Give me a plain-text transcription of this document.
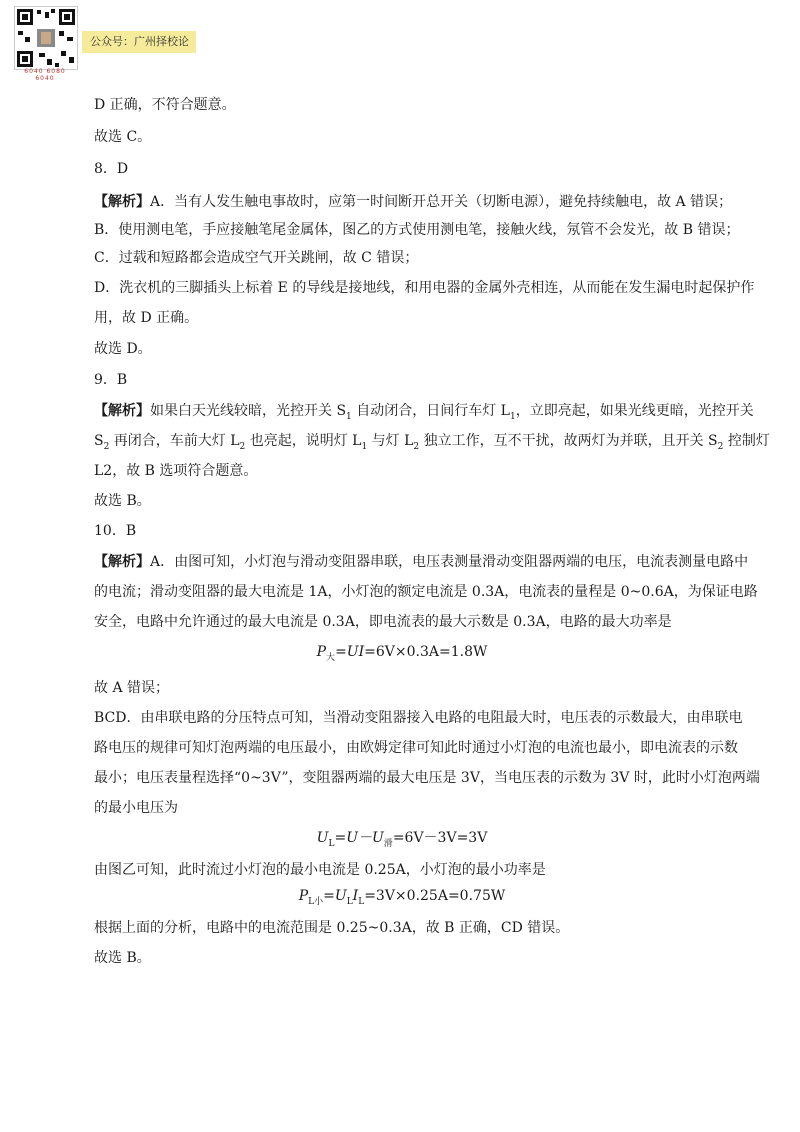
6040 6080 6040
公众号：广州择校论

D 正确，不符合题意。

故选 C。

8．D

【解析】A．当有人发生触电事故时，应第一时间断开总开关（切断电源），避免持续触电，故 A 错误；

B．使用测电笔，手应接触笔尾金属体，图乙的方式使用测电笔，接触火线，氖管不会发光，故 B 错误；

C．过载和短路都会造成空气开关跳闸，故 C 错误；

D．洗衣机的三脚插头上标着 E 的导线是接地线，和用电器的金属外壳相连，从而能在发生漏电时起保护作

用，故 D 正确。

故选 D。

9．B

【解析】如果白天光线较暗，光控开关 $S_1$ 自动闭合，日间行车灯 $L_1$，立即亮起，如果光线更暗，光控开关

$S_2$ 再闭合，车前大灯 $L_2$ 也亮起，说明灯 $L_1$ 与灯 $L_2$ 独立工作，互不干扰，故两灯为并联，且开关 $S_2$ 控制灯

L2，故 B 选项符合题意。

故选 B。

10．B

【解析】A．由图可知，小灯泡与滑动变阻器串联，电压表测量滑动变阻器两端的电压，电流表测量电路中

的电流；滑动变阻器的最大电流是 1A，小灯泡的额定电流是 0.3A，电流表的量程是 0~0.6A，为保证电路

安全，电路中允许通过的最大电流是 0.3A，即电流表的最大示数是 0.3A，电路的最大功率是

$P_大=UI=6V\times 0.3A=1.8W$

故 A 错误；

BCD．由串联电路的分压特点可知，当滑动变阻器接入电路的电阻最大时，电压表的示数最大，由串联电

路电压的规律可知灯泡两端的电压最小，由欧姆定律可知此时通过小灯泡的电流也最小，即电流表的示数

最小；电压表量程选择“0~3V”，变阻器两端的最大电压是 3V，当电压表的示数为 3V 时，此时小灯泡两端

的最小电压为

$U_L=U-U_滑=6V-3V=3V$

由图乙可知，此时流过小灯泡的最小电流是 0.25A，小灯泡的最小功率是

$P_{L小}=U_LI_L=3V\times 0.25A=0.75W$

根据上面的分析，电路中的电流范围是 0.25~0.3A，故 B 正确，CD 错误。

故选 B。
